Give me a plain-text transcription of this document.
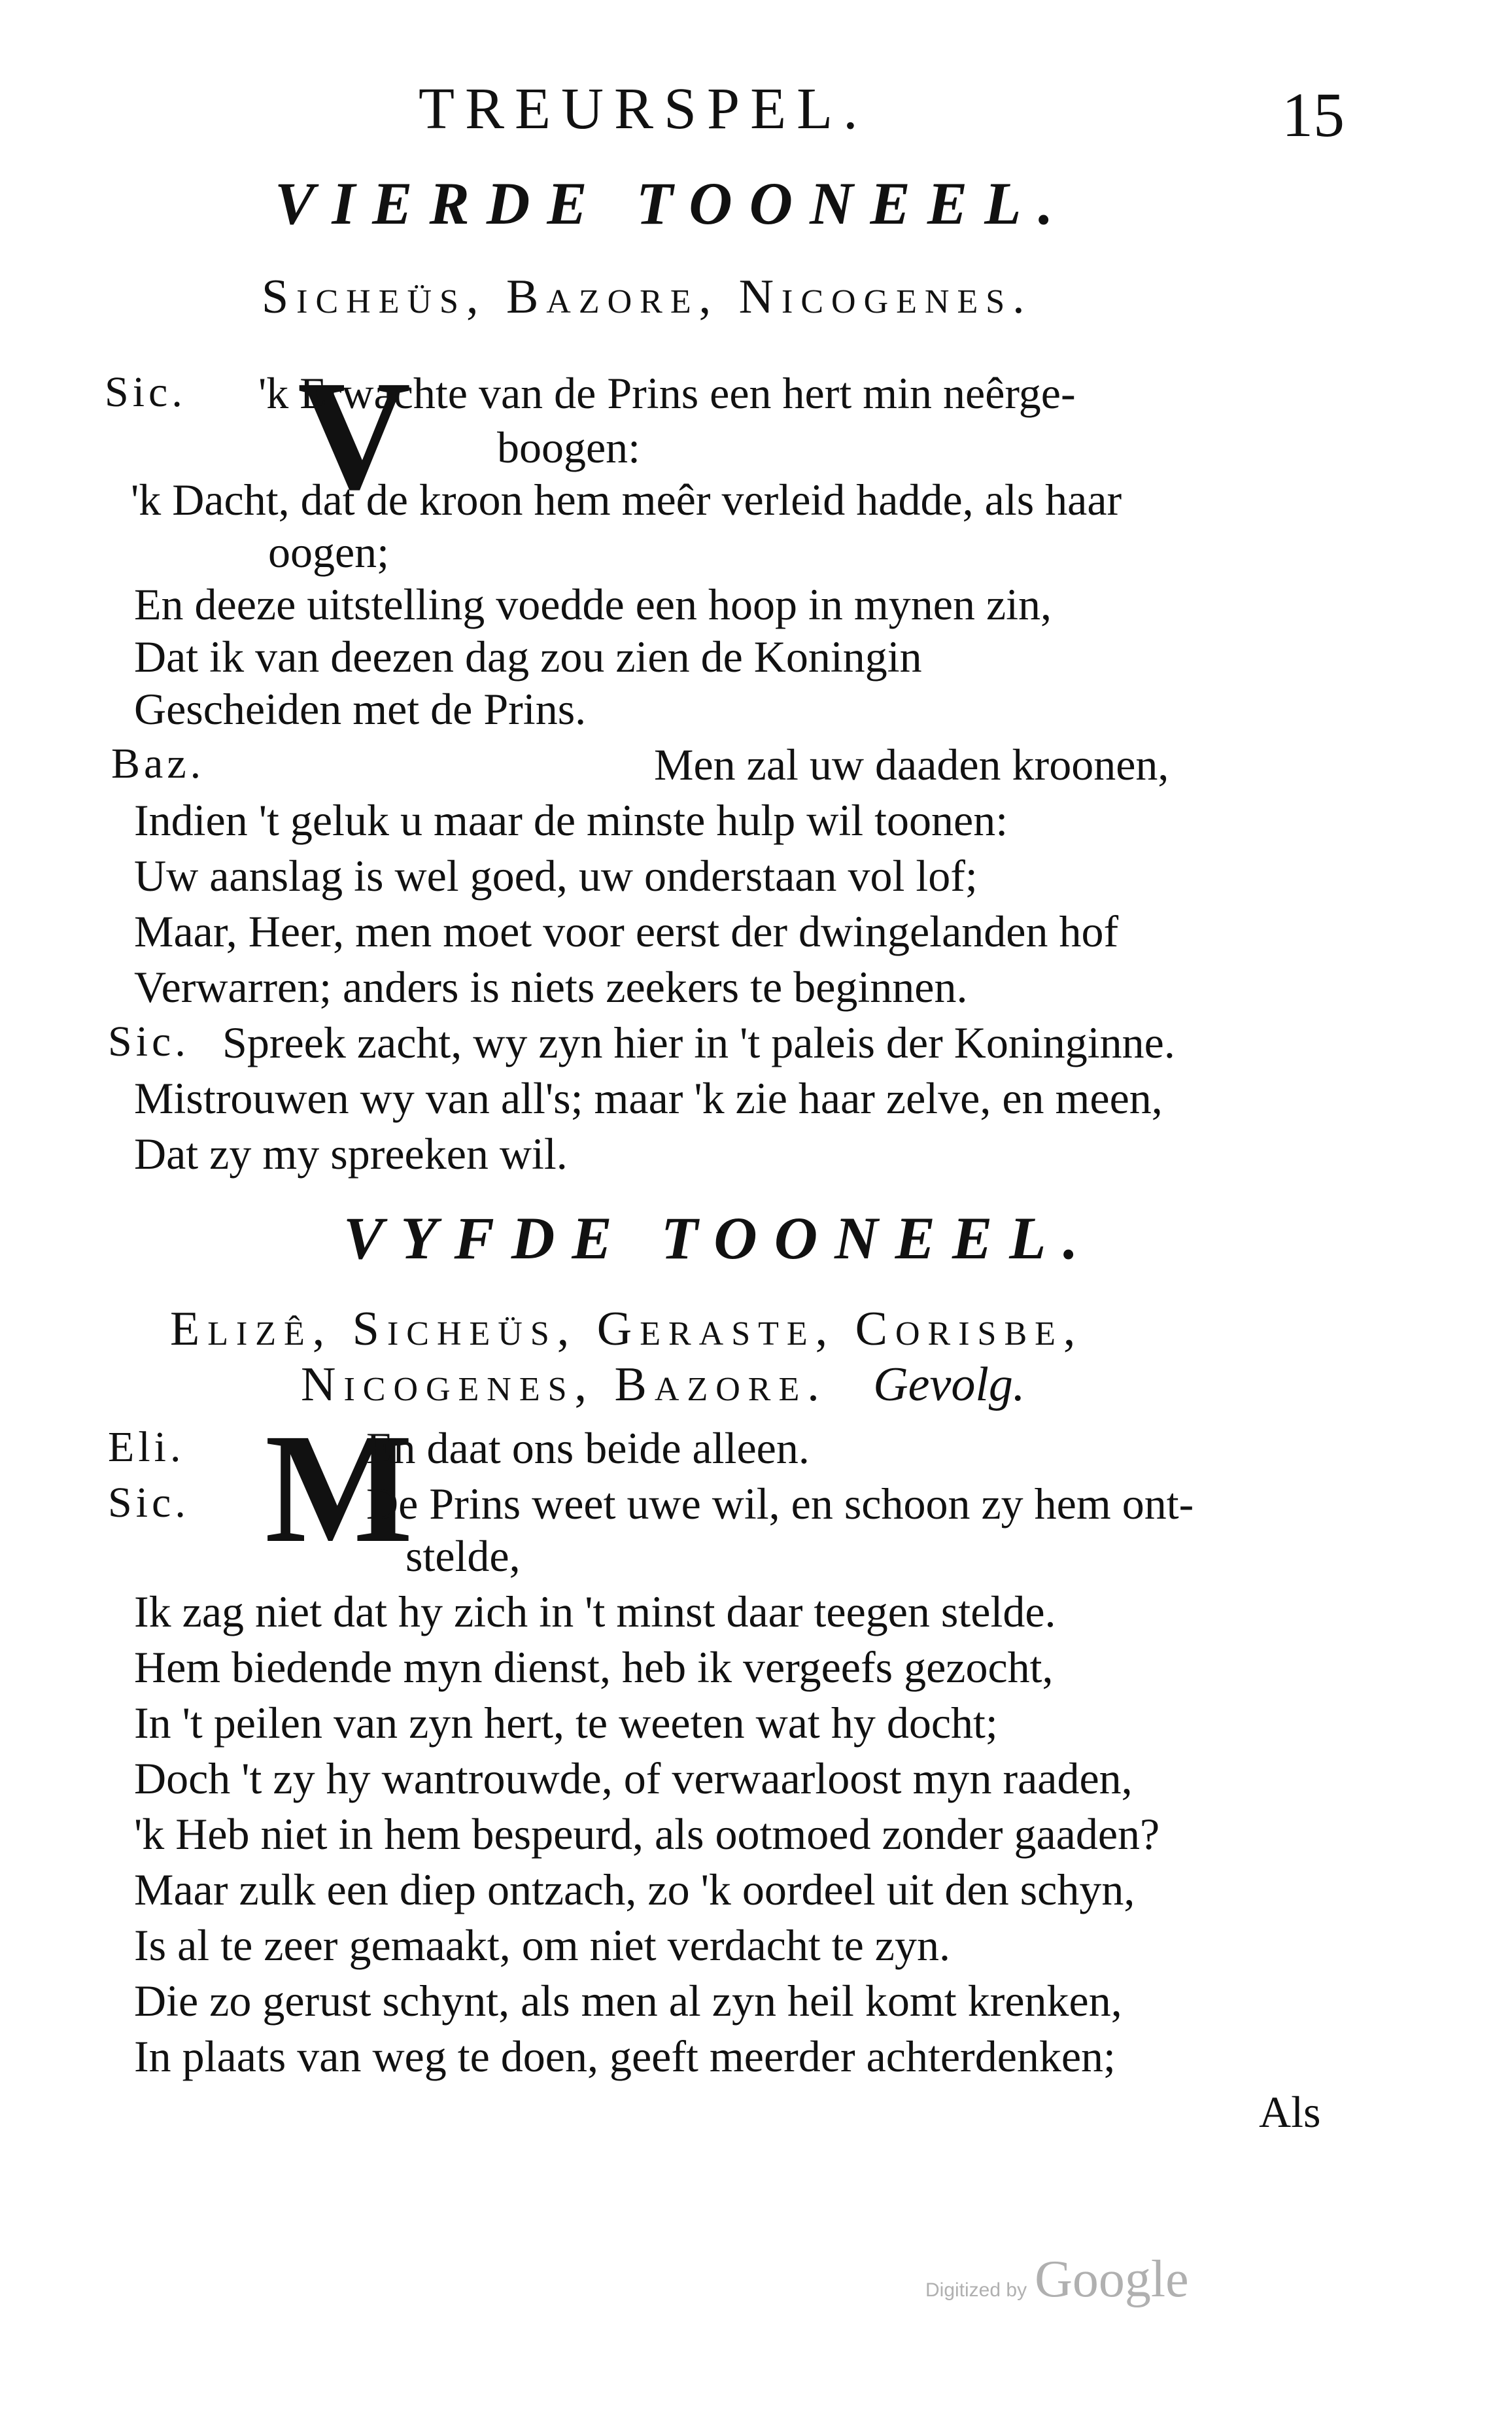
TREURSPEL.	15
VIERDE TOONEEL.
Sicheüs, Bazore, Nicogenes.
Sic. V
'k Erwachte van de Prins een hert min neêrge-
boogen:
'k Dacht, dat de kroon hem meêr verleid hadde, als haar
oogen;
En deeze uitstelling voedde een hoop in mynen zin,
Dat ik van deezen dag zou zien de Koningin
Gescheiden met de Prins.
Baz.	Men zal uw daaden kroonen,
Indien 't geluk u maar de minste hulp wil toonen:
Uw aanslag is wel goed, uw onderstaan vol lof;
Maar, Heer, men moet voor eerst der dwingelanden hof
Verwarren; anders is niets zeekers te beginnen.
Sic. Spreek zacht, wy zyn hier in 't paleis der Koninginne.
Mistrouwen wy van all's; maar 'k zie haar zelve, en meen,
Dat zy my spreeken wil.
VYFDE TOONEEL.
Elizê, Sicheüs, Geraste, Corisbe,
Nicogenes, Bazore. Gevolg.
Eli. M
En daat ons beide alleen.
Sic.	De Prins weet uwe wil, en schoon zy hem ont-
stelde,
Ik zag niet dat hy zich in 't minst daar teegen stelde.
Hem biedende myn dienst, heb ik vergeefs gezocht,
In 't peilen van zyn hert, te weeten wat hy docht;
Doch 't zy hy wantrouwde, of verwaarloost myn raaden,
'k Heb niet in hem bespeurd, als ootmoed zonder gaaden?
Maar zulk een diep ontzach, zo 'k oordeel uit den schyn,
Is al te zeer gemaakt, om niet verdacht te zyn.
Die zo gerust schynt, als men al zyn heil komt krenken,
In plaats van weg te doen, geeft meerder achterdenken;
Als
Digitized by Google
